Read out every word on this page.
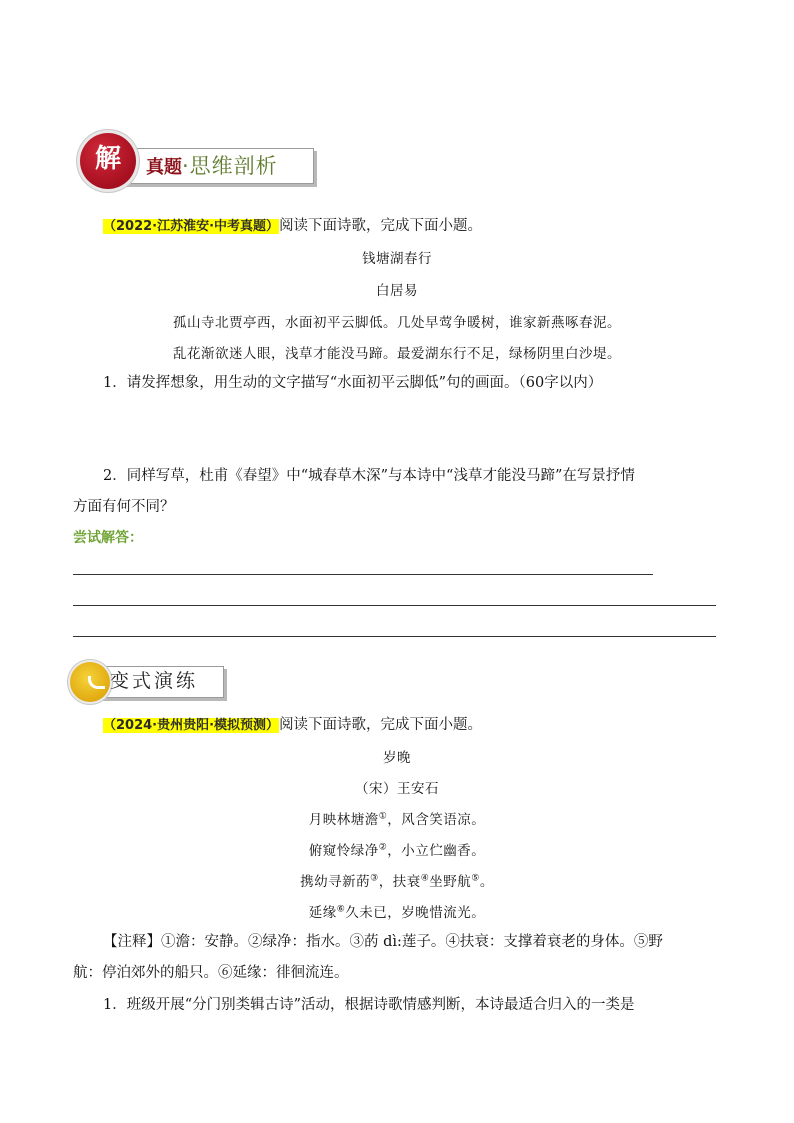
解	真题·思维剖析
（2022·江苏淮安·中考真题）阅读下面诗歌，完成下面小题。
钱塘湖春行
白居易
孤山寺北贾亭西，水面初平云脚低。几处早莺争暖树，谁家新燕啄春泥。
乱花渐欲迷人眼，浅草才能没马蹄。最爱湖东行不足，绿杨阴里白沙堤。
1．请发挥想象，用生动的文字描写“水面初平云脚低”句的画面。（60字以内）
2．同样写草，杜甫《春望》中“城春草木深”与本诗中“浅草才能没马蹄”在写景抒情
方面有何不同？
尝试解答：
变式演练
（2024·贵州贵阳·模拟预测）阅读下面诗歌，完成下面小题。
岁晚
（宋）王安石
月映林塘澹①，风含笑语凉。
俯窥怜绿净②，小立伫幽香。
携幼寻新菂③，扶衰④坐野航⑤。
延缘⑥久未已，岁晚惜流光。
【注释】①澹：安静。②绿净：指水。③菂 dì:莲子。④扶衰：支撑着衰老的身体。⑤野
航：停泊郊外的船只。⑥延缘：徘徊流连。
1．班级开展“分门别类辑古诗”活动，根据诗歌情感判断，本诗最适合归入的一类是
